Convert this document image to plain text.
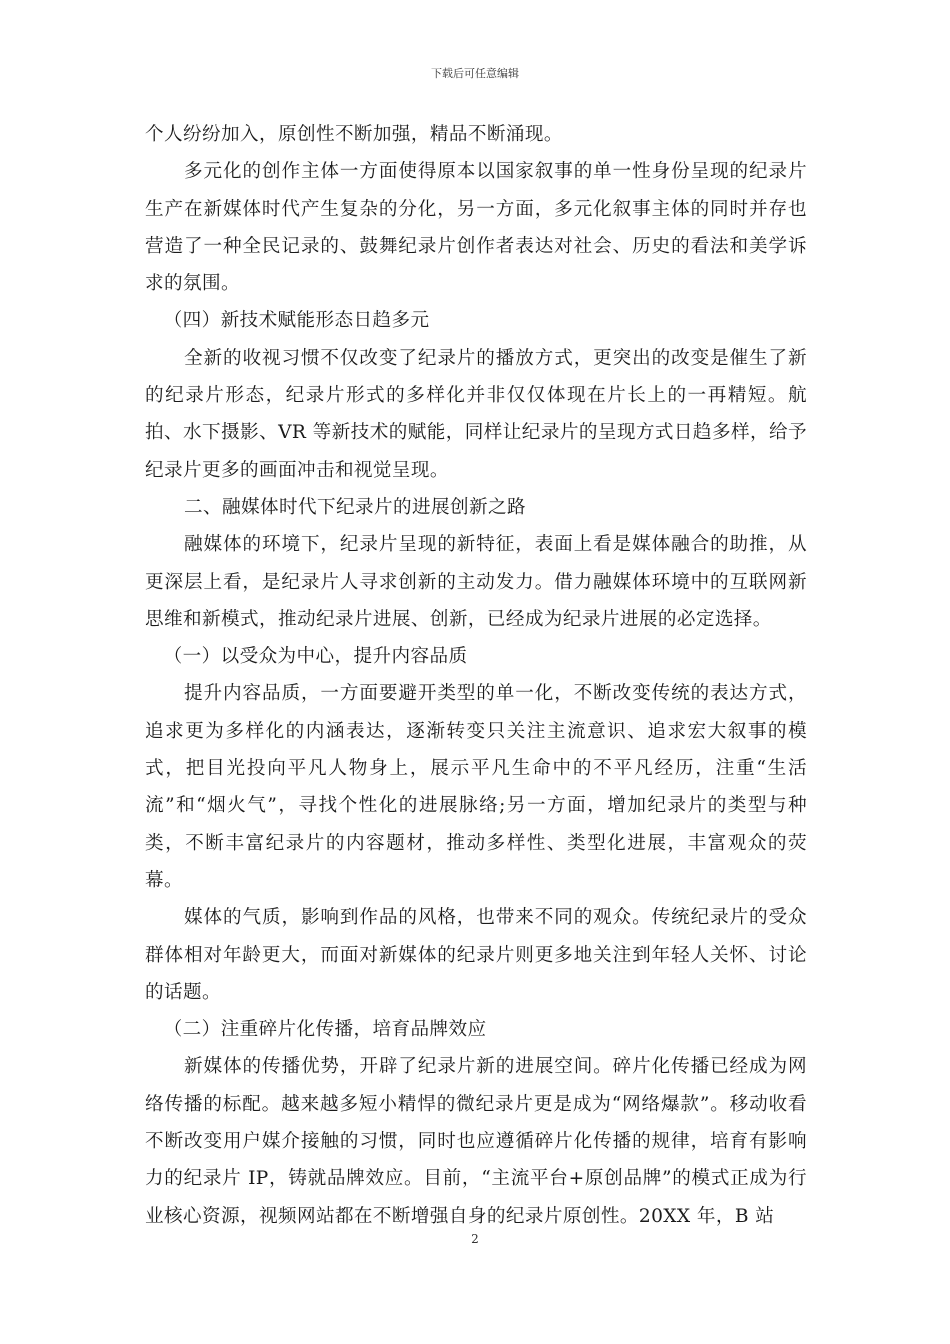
下载后可任意编辑

个人纷纷加入，原创性不断加强，精品不断涌现。

多元化的创作主体一方面使得原本以国家叙事的单一性身份呈现的纪录片生产在新媒体时代产生复杂的分化，另一方面，多元化叙事主体的同时并存也营造了一种全民记录的、鼓舞纪录片创作者表达对社会、历史的看法和美学诉求的氛围。

（四）新技术赋能形态日趋多元

全新的收视习惯不仅改变了纪录片的播放方式，更突出的改变是催生了新的纪录片形态，纪录片形式的多样化并非仅仅体现在片长上的一再精短。航拍、水下摄影、VR 等新技术的赋能，同样让纪录片的呈现方式日趋多样，给予纪录片更多的画面冲击和视觉呈现。

二、融媒体时代下纪录片的进展创新之路

融媒体的环境下，纪录片呈现的新特征，表面上看是媒体融合的助推，从更深层上看，是纪录片人寻求创新的主动发力。借力融媒体环境中的互联网新思维和新模式，推动纪录片进展、创新，已经成为纪录片进展的必定选择。

（一）以受众为中心，提升内容品质

提升内容品质，一方面要避开类型的单一化，不断改变传统的表达方式，追求更为多样化的内涵表达，逐渐转变只关注主流意识、追求宏大叙事的模式，把目光投向平凡人物身上，展示平凡生命中的不平凡经历，注重“生活流”和“烟火气”，寻找个性化的进展脉络;另一方面，增加纪录片的类型与种类，不断丰富纪录片的内容题材，推动多样性、类型化进展，丰富观众的荧幕。

媒体的气质，影响到作品的风格，也带来不同的观众。传统纪录片的受众群体相对年龄更大，而面对新媒体的纪录片则更多地关注到年轻人关怀、讨论的话题。

（二）注重碎片化传播，培育品牌效应

新媒体的传播优势，开辟了纪录片新的进展空间。碎片化传播已经成为网络传播的标配。越来越多短小精悍的微纪录片更是成为“网络爆款”。移动收看不断改变用户媒介接触的习惯，同时也应遵循碎片化传播的规律，培育有影响力的纪录片 IP，铸就品牌效应。目前，“主流平台+原创品牌”的模式正成为行业核心资源，视频网站都在不断增强自身的纪录片原创性。20XX 年，B 站

2
